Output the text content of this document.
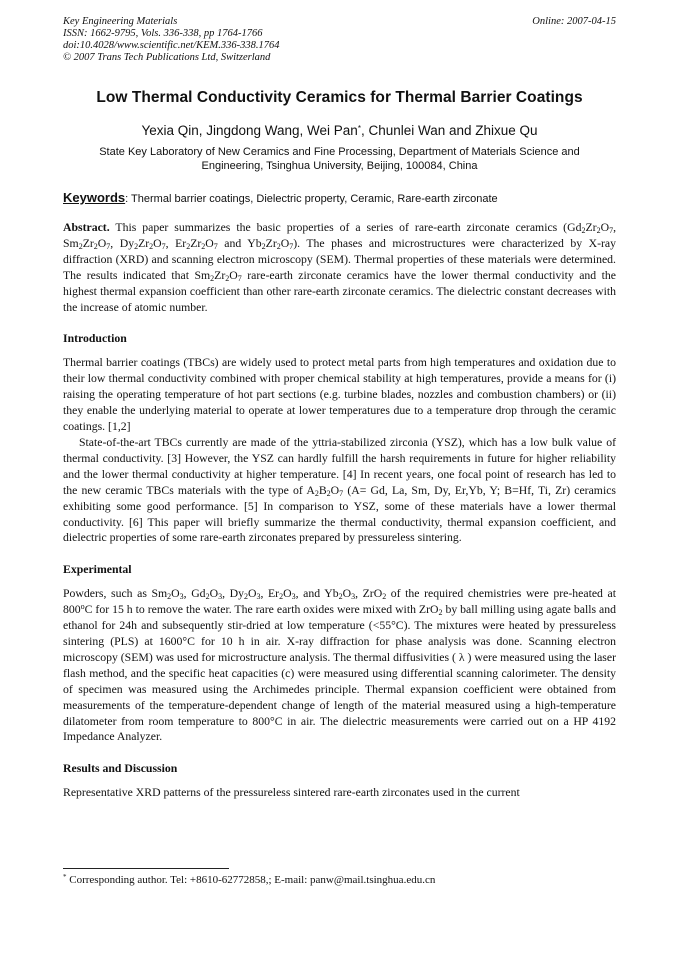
Key Engineering Materials
ISSN: 1662-9795, Vols. 336-338, pp 1764-1766
doi:10.4028/www.scientific.net/KEM.336-338.1764
© 2007 Trans Tech Publications Ltd, Switzerland
Online: 2007-04-15
Low Thermal Conductivity Ceramics for Thermal Barrier Coatings
Yexia Qin, Jingdong Wang, Wei Pan*, Chunlei Wan and Zhixue Qu
State Key Laboratory of New Ceramics and Fine Processing, Department of Materials Science and
Engineering, Tsinghua University, Beijing, 100084, China
Keywords: Thermal barrier coatings, Dielectric property, Ceramic, Rare-earth zirconate

Abstract. This paper summarizes the basic properties of a series of rare-earth zirconate ceramics ($Gd_2Zr_2O_7$, $Sm_2Zr_2O_7$, $Dy_2Zr_2O_7$, $Er_2Zr_2O_7$ and $Yb_2Zr_2O_7$). The phases and microstructures were characterized by X-ray diffraction (XRD) and scanning electron microscopy (SEM). Thermal properties of these materials were determined. The results indicated that $Sm_2Zr_2O_7$ rare-earth zirconate ceramics have the lower thermal conductivity and the highest thermal expansion coefficient than other rare-earth zirconate ceramics. The dielectric constant decreases with the increase of atomic number.

Introduction

Thermal barrier coatings (TBCs) are widely used to protect metal parts from high temperatures and oxidation due to their low thermal conductivity combined with proper chemical stability at high temperatures, provide a means for (i) raising the operating temperature of hot part sections (e.g. turbine blades, nozzles and combustion chambers) or (ii) they enable the underlying material to operate at lower temperatures due to a temperature drop through the ceramic coatings. [1,2]

State-of-the-art TBCs currently are made of the yttria-stabilized zirconia (YSZ), which has a low bulk value of thermal conductivity. [3] However, the YSZ can hardly fulfill the harsh requirements in future for higher reliability and the lower thermal conductivity at higher temperature. [4] In recent years, one focal point of research has led to the new ceramic TBCs materials with the type of $A_2B_2O_7$ (A= Gd, La, Sm, Dy, Er,Yb, Y; B=Hf, Ti, Zr) ceramics exhibiting some good performance. [5] In comparison to YSZ, some of these materials have a lower thermal conductivity. [6] This paper will briefly summarize the thermal conductivity, thermal expansion coefficient, and dielectric properties of some rare-earth zirconates prepared by pressureless sintering.

Experimental

Powders, such as $Sm_2O_3$, $Gd_2O_3$, $Dy_2O_3$, $Er_2O_3$, and $Yb_2O_3$, ZrO$_2$ of the required chemistries were pre-heated at 800$^o$C for 15 h to remove the water. The rare earth oxides were mixed with ZrO$_2$ by ball milling using agate balls and ethanol for 24h and subsequently stir-dried at low temperature (<55°C). The mixtures were heated by pressureless sintering (PLS) at 1600°C for 10 h in air. X-ray diffraction for phase analysis was done. Scanning electron microscopy (SEM) was used for microstructure analysis. The thermal diffusivities ( λ ) were measured using the laser flash method, and the specific heat capacities (c) were measured using differential scanning calorimeter. The density of specimen was measured using the Archimedes principle. Thermal expansion coefficient were obtained from measurements of the temperature-dependent change of length of the material measured using a high-temperature dilatometer from room temperature to 800°C in air. The dielectric measurements were carried out on a HP 4192 Impedance Analyzer.

Results and Discussion

Representative XRD patterns of the pressureless sintered rare-earth zirconates used in the current

* Corresponding author. Tel: +8610-62772858,; E-mail: panw@mail.tsinghua.edu.cn
